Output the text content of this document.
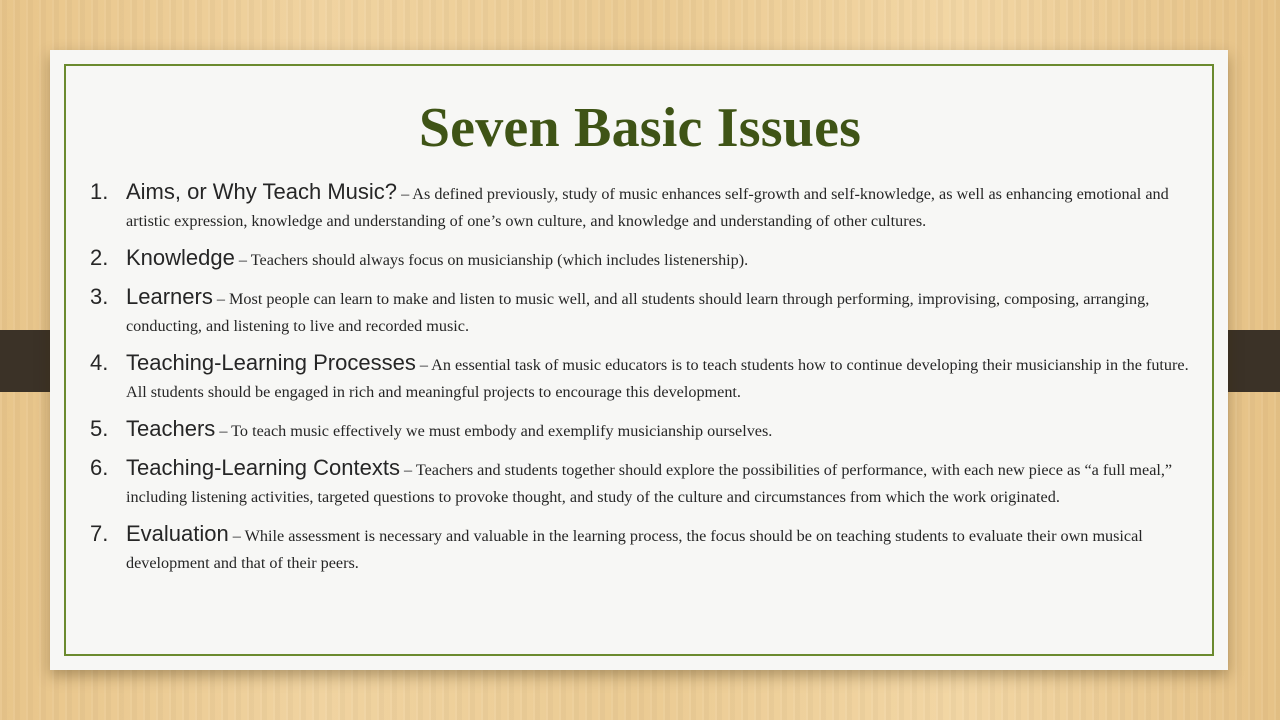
Seven Basic Issues
1. Aims, or Why Teach Music? – As defined previously, study of music enhances self-growth and self-knowledge, as well as enhancing emotional and artistic expression, knowledge and understanding of one’s own culture, and knowledge and understanding of other cultures.
2. Knowledge – Teachers should always focus on musicianship (which includes listenership).
3. Learners – Most people can learn to make and listen to music well, and all students should learn through performing, improvising, composing, arranging, conducting, and listening to live and recorded music.
4. Teaching-Learning Processes – An essential task of music educators is to teach students how to continue developing their musicianship in the future. All students should be engaged in rich and meaningful projects to encourage this development.
5. Teachers – To teach music effectively we must embody and exemplify musicianship ourselves.
6. Teaching-Learning Contexts – Teachers and students together should explore the possibilities of performance, with each new piece as “a full meal,” including listening activities, targeted questions to provoke thought, and study of the culture and circumstances from which the work originated.
7. Evaluation – While assessment is necessary and valuable in the learning process, the focus should be on teaching students to evaluate their own musical development and that of their peers.
